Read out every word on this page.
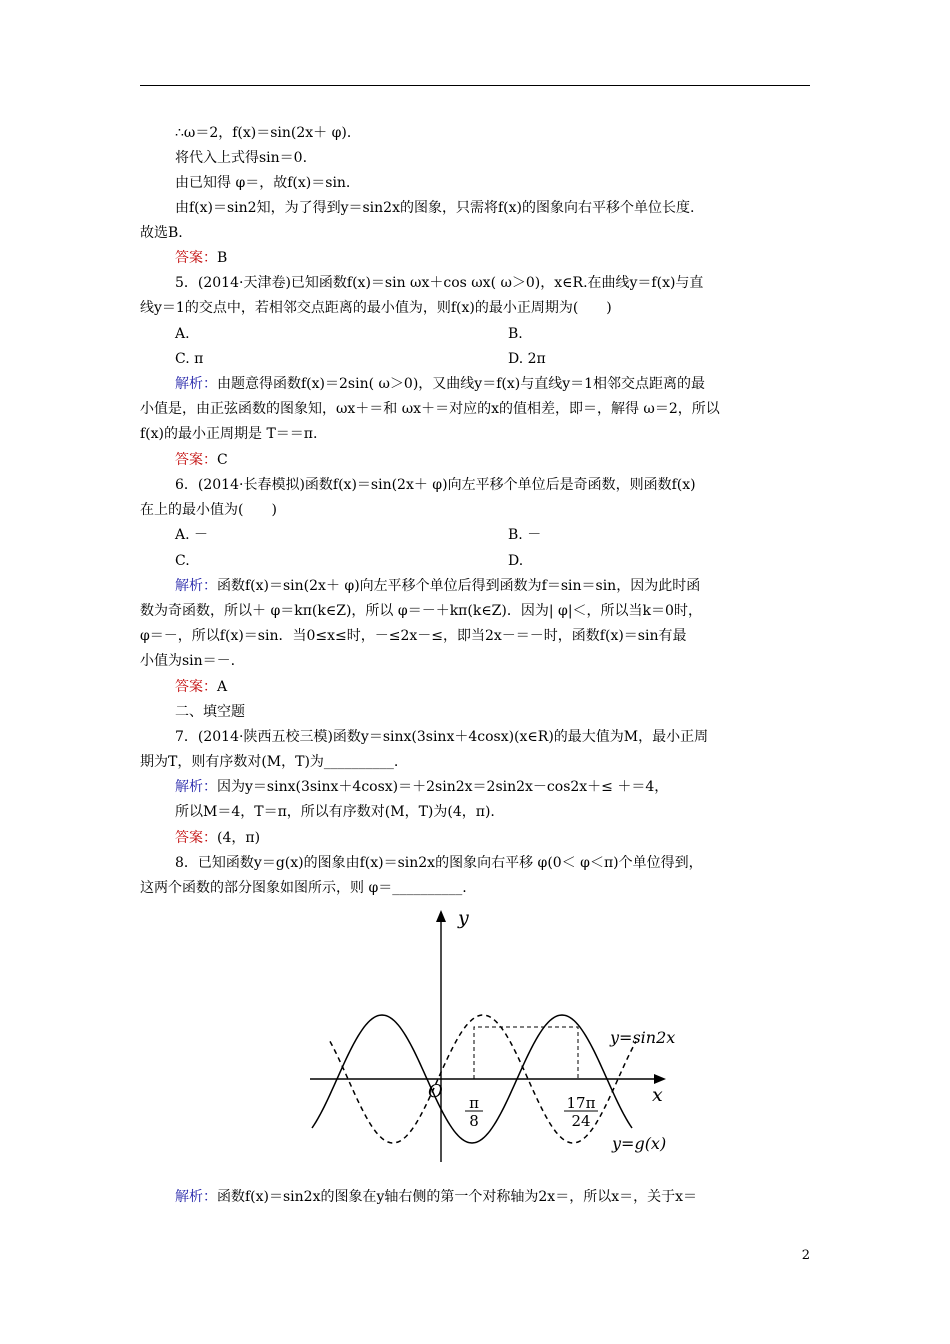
∴ω＝2，f(x)＝sin(2x＋ φ)．
将代入上式得sin＝0.
由已知得 φ＝，故f(x)＝sin.
由f(x)＝sin2知，为了得到y＝sin2x的图象，只需将f(x)的图象向右平移个单位长度.
故选B.
答案：B
5．(2014·天津卷)已知函数f(x)＝sin ωx＋cos ωx( ω＞0)，x∈R.在曲线y＝f(x)与直
线y＝1的交点中，若相邻交点距离的最小值为，则f(x)的最小正周期为(　　)
A.	B.
C. π	D. 2π
解析：由题意得函数f(x)＝2sin( ω＞0)，又曲线y＝f(x)与直线y＝1相邻交点距离的最
小值是，由正弦函数的图象知，ωx＋＝和 ωx＋＝对应的x的值相差，即＝，解得 ω＝2，所以
f(x)的最小正周期是 T＝＝π.
答案：C
6．(2014·长春模拟)函数f(x)＝sin(2x＋ φ)向左平移个单位后是奇函数，则函数f(x)
在上的最小值为(　　)
A. －	B. －
C.	D.
解析：函数f(x)＝sin(2x＋ φ)向左平移个单位后得到函数为f＝sin＝sin，因为此时函
数为奇函数，所以＋ φ＝kπ(k∈Z)，所以 φ＝－＋kπ(k∈Z)．因为| φ|＜，所以当k＝0时，
φ＝－，所以f(x)＝sin．当0≤x≤时，－≤2x－≤，即当2x－＝－时，函数f(x)＝sin有最
小值为sin＝－.
答案：A
二、填空题
7．(2014·陕西五校三模)函数y＝sinx(3sinx＋4cosx)(x∈R)的最大值为M，最小正周
期为T，则有序数对(M，T)为__________.
解析：因为y＝sinx(3sinx＋4cosx)＝＋2sin2x＝2sin2x－cos2x＋≤ ＋＝4，
所以M＝4，T＝π，所以有序数对(M，T)为(4，π).
答案：(4，π)
8．已知函数y＝g(x)的图象由f(x)＝sin2x的图象向右平移 φ(0＜ φ＜π)个单位得到，
这两个函数的部分图象如图所示，则 φ＝__________.
解析：函数f(x)＝sin2x的图象在y轴右侧的第一个对称轴为2x＝，所以x＝，关于x＝
y
x
O
π
8
17π
24
y=sin2x
y=g(x)
2
